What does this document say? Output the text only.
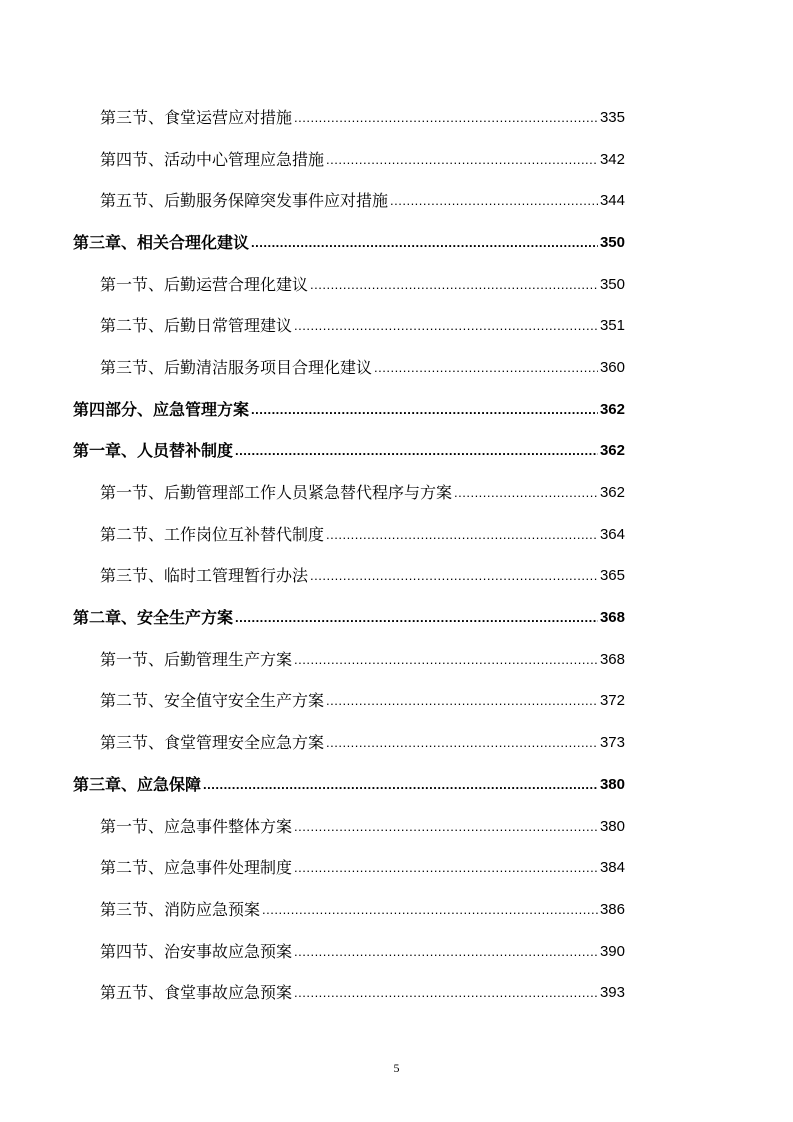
第三节、食堂运营应对措施 .....	335
第四节、活动中心管理应急措施 .....	342
第五节、后勤服务保障突发事件应对措施 .....	344
第三章、相关合理化建议 .....	350
第一节、后勤运营合理化建议 .....	350
第二节、后勤日常管理建议 .....	351
第三节、后勤清洁服务项目合理化建议 .....	360
第四部分、应急管理方案 .....	362
第一章、人员替补制度 .....	362
第一节、后勤管理部工作人员紧急替代程序与方案 .....	362
第二节、工作岗位互补替代制度 .....	364
第三节、临时工管理暂行办法 .....	365
第二章、安全生产方案 .....	368
第一节、后勤管理生产方案 .....	368
第二节、安全值守安全生产方案 .....	372
第三节、食堂管理安全应急方案 .....	373
第三章、应急保障 .....	380
第一节、应急事件整体方案 .....	380
第二节、应急事件处理制度 .....	384
第三节、消防应急预案 .....	386
第四节、治安事故应急预案 .....	390
第五节、食堂事故应急预案 .....	393
5
